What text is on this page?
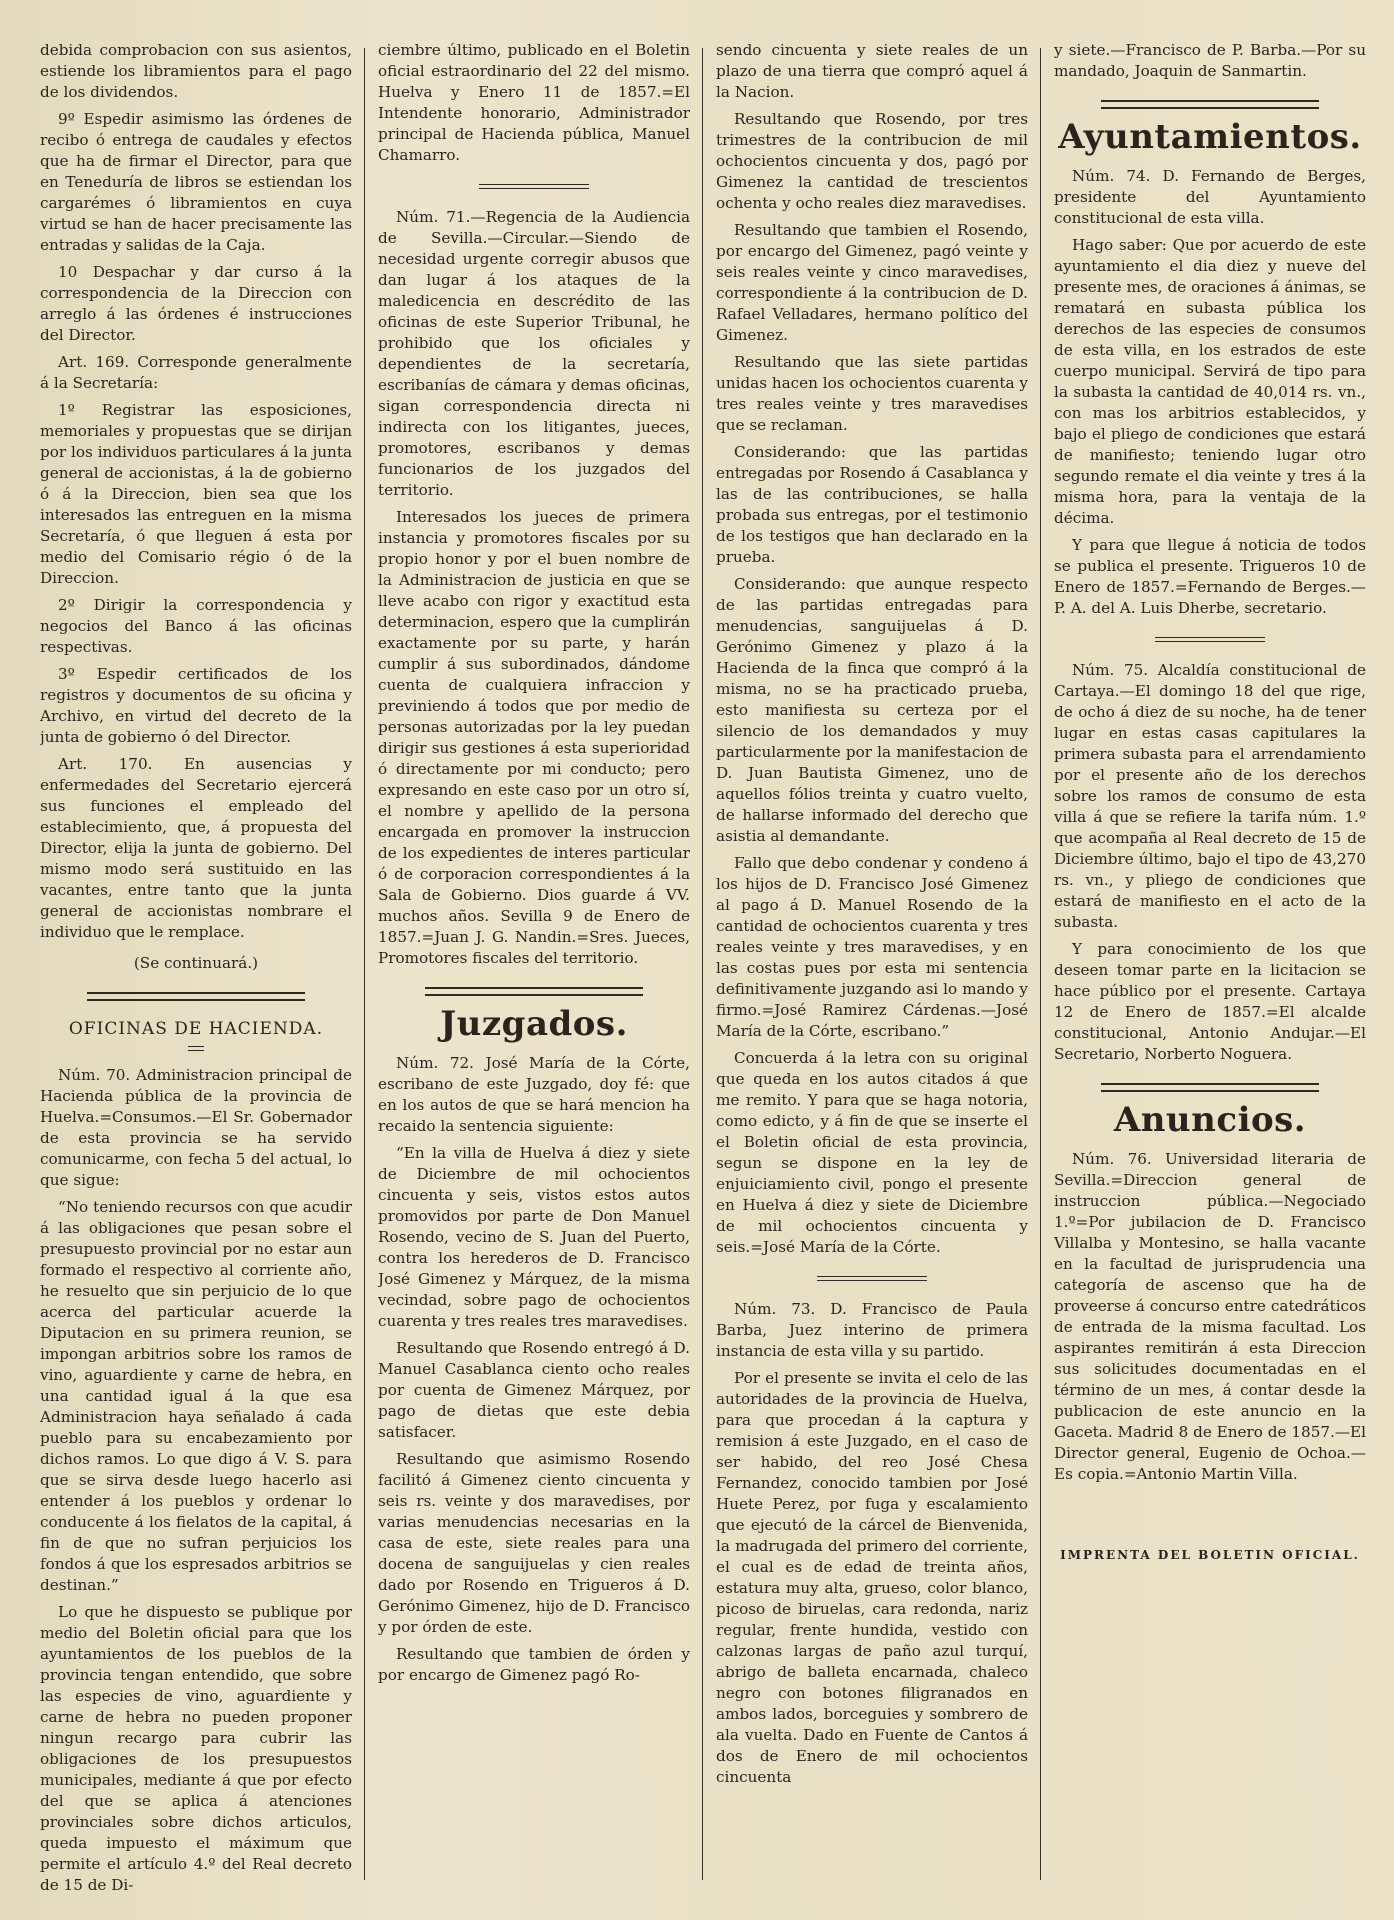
debida comprobacion con sus asientos, estiende los libramientos para el pago de los dividendos.

9º Espedir asimismo las órdenes de recibo ó entrega de caudales y efectos que ha de firmar el Director, para que en Teneduría de libros se estiendan los cargarémes ó libramientos en cuya virtud se han de hacer precisamente las entradas y salidas de la Caja.

10 Despachar y dar curso á la correspondencia de la Direccion con arreglo á las órdenes é instrucciones del Director.

Art. 169. Corresponde generalmente á la Secretaría:

1º Registrar las esposiciones, memoriales y propuestas que se dirijan por los individuos particulares á la junta general de accionistas, á la de gobierno ó á la Direccion, bien sea que los interesados las entreguen en la misma Secretaría, ó que lleguen á esta por medio del Comisario régio ó de la Direccion.

2º Dirigir la correspondencia y negocios del Banco á las oficinas respectivas.

3º Espedir certificados de los registros y documentos de su oficina y Archivo, en virtud del decreto de la junta de gobierno ó del Director.

Art. 170. En ausencias y enfermedades del Secretario ejercerá sus funciones el empleado del establecimiento, que, á propuesta del Director, elija la junta de gobierno. Del mismo modo será sustituido en las vacantes, entre tanto que la junta general de accionistas nombrare el individuo que le remplace.

(Se continuará.)

OFICINAS DE HACIENDA.

Núm. 70. Administracion principal de Hacienda pública de la provincia de Huelva.=Consumos.—El Sr. Gobernador de esta provincia se ha servido comunicarme, con fecha 5 del actual, lo que sigue:

“No teniendo recursos con que acudir á las obligaciones que pesan sobre el presupuesto provincial por no estar aun formado el respectivo al corriente año, he resuelto que sin perjuicio de lo que acerca del particular acuerde la Diputacion en su primera reunion, se impongan arbitrios sobre los ramos de vino, aguardiente y carne de hebra, en una cantidad igual á la que esa Administracion haya señalado á cada pueblo para su encabezamiento por dichos ramos. Lo que digo á V. S. para que se sirva desde luego hacerlo asi entender á los pueblos y ordenar lo conducente á los fielatos de la capital, á fin de que no sufran perjuicios los fondos á que los espresados arbitrios se destinan.”

Lo que he dispuesto se publique por medio del Boletin oficial para que los ayuntamientos de los pueblos de la provincia tengan entendido, que sobre las especies de vino, aguardiente y carne de hebra no pueden proponer ningun recargo para cubrir las obligaciones de los presupuestos municipales, mediante á que por efecto del que se aplica á atenciones provinciales sobre dichos articulos, queda impuesto el máximum que permite el artículo 4.º del Real decreto de 15 de Di-

ciembre último, publicado en el Boletin oficial estraordinario del 22 del mismo. Huelva y Enero 11 de 1857.=El Intendente honorario, Administrador principal de Hacienda pública, Manuel Chamarro.

Núm. 71.—Regencia de la Audiencia de Sevilla.—Circular.—Siendo de necesidad urgente corregir abusos que dan lugar á los ataques de la maledicencia en descrédito de las oficinas de este Superior Tribunal, he prohibido que los oficiales y dependientes de la secretaría, escribanías de cámara y demas oficinas, sigan correspondencia directa ni indirecta con los litigantes, jueces, promotores, escribanos y demas funcionarios de los juzgados del territorio.

Interesados los jueces de primera instancia y promotores fiscales por su propio honor y por el buen nombre de la Administracion de justicia en que se lleve acabo con rigor y exactitud esta determinacion, espero que la cumplirán exactamente por su parte, y harán cumplir á sus subordinados, dándome cuenta de cualquiera infraccion y previniendo á todos que por medio de personas autorizadas por la ley puedan dirigir sus gestiones á esta superioridad ó directamente por mi conducto; pero expresando en este caso por un otro sí, el nombre y apellido de la persona encargada en promover la instruccion de los expedientes de interes particular ó de corporacion correspondientes á la Sala de Gobierno. Dios guarde á VV. muchos años. Sevilla 9 de Enero de 1857.=Juan J. G. Nandin.=Sres. Jueces, Promotores fiscales del territorio.

Juzgados.

Núm. 72. José María de la Córte, escribano de este Juzgado, doy fé: que en los autos de que se hará mencion ha recaido la sentencia siguiente:

“En la villa de Huelva á diez y siete de Diciembre de mil ochocientos cincuenta y seis, vistos estos autos promovidos por parte de Don Manuel Rosendo, vecino de S. Juan del Puerto, contra los herederos de D. Francisco José Gimenez y Márquez, de la misma vecindad, sobre pago de ochocientos cuarenta y tres reales tres maravedises.

Resultando que Rosendo entregó á D. Manuel Casablanca ciento ocho reales por cuenta de Gimenez Márquez, por pago de dietas que este debia satisfacer.

Resultando que asimismo Rosendo facilitó á Gimenez ciento cincuenta y seis rs. veinte y dos maravedises, por varias menudencias necesarias en la casa de este, siete reales para una docena de sanguijuelas y cien reales dado por Rosendo en Trigueros á D. Gerónimo Gimenez, hijo de D. Francisco y por órden de este.

Resultando que tambien de órden y por encargo de Gimenez pagó Ro-

sendo cincuenta y siete reales de un plazo de una tierra que compró aquel á la Nacion.

Resultando que Rosendo, por tres trimestres de la contribucion de mil ochocientos cincuenta y dos, pagó por Gimenez la cantidad de trescientos ochenta y ocho reales diez maravedises.

Resultando que tambien el Rosendo, por encargo del Gimenez, pagó veinte y seis reales veinte y cinco maravedises, correspondiente á la contribucion de D. Rafael Velladares, hermano político del Gimenez.

Resultando que las siete partidas unidas hacen los ochocientos cuarenta y tres reales veinte y tres maravedises que se reclaman.

Considerando: que las partidas entregadas por Rosendo á Casablanca y las de las contribuciones, se halla probada sus entregas, por el testimonio de los testigos que han declarado en la prueba.

Considerando: que aunque respecto de las partidas entregadas para menudencias, sanguijuelas á D. Gerónimo Gimenez y plazo á la Hacienda de la finca que compró á la misma, no se ha practicado prueba, esto manifiesta su certeza por el silencio de los demandados y muy particularmente por la manifestacion de D. Juan Bautista Gimenez, uno de aquellos fólios treinta y cuatro vuelto, de hallarse informado del derecho que asistia al demandante.

Fallo que debo condenar y condeno á los hijos de D. Francisco José Gimenez al pago á D. Manuel Rosendo de la cantidad de ochocientos cuarenta y tres reales veinte y tres maravedises, y en las costas pues por esta mi sentencia definitivamente juzgando asi lo mando y firmo.=José Ramirez Cárdenas.—José María de la Córte, escribano.”

Concuerda á la letra con su original que queda en los autos citados á que me remito. Y para que se haga notoria, como edicto, y á fin de que se inserte el el Boletin oficial de esta provincia, segun se dispone en la ley de enjuiciamiento civil, pongo el presente en Huelva á diez y siete de Diciembre de mil ochocientos cincuenta y seis.=José María de la Córte.

Núm. 73. D. Francisco de Paula Barba, Juez interino de primera instancia de esta villa y su partido.

Por el presente se invita el celo de las autoridades de la provincia de Huelva, para que procedan á la captura y remision á este Juzgado, en el caso de ser habido, del reo José Chesa Fernandez, conocido tambien por José Huete Perez, por fuga y escalamiento que ejecutó de la cárcel de Bienvenida, la madrugada del primero del corriente, el cual es de edad de treinta años, estatura muy alta, grueso, color blanco, picoso de biruelas, cara redonda, nariz regular, frente hundida, vestido con calzonas largas de paño azul turquí, abrigo de balleta encarnada, chaleco negro con botones filigranados en ambos lados, borceguies y sombrero de ala vuelta. Dado en Fuente de Cantos á dos de Enero de mil ochocientos cincuenta

y siete.—Francisco de P. Barba.—Por su mandado, Joaquin de Sanmartin.

Ayuntamientos.

Núm. 74. D. Fernando de Berges, presidente del Ayuntamiento constitucional de esta villa.

Hago saber: Que por acuerdo de este ayuntamiento el dia diez y nueve del presente mes, de oraciones á ánimas, se rematará en subasta pública los derechos de las especies de consumos de esta villa, en los estrados de este cuerpo municipal. Servirá de tipo para la subasta la cantidad de 40,014 rs. vn., con mas los arbitrios establecidos, y bajo el pliego de condiciones que estará de manifiesto; teniendo lugar otro segundo remate el dia veinte y tres á la misma hora, para la ventaja de la décima.

Y para que llegue á noticia de todos se publica el presente. Trigueros 10 de Enero de 1857.=Fernando de Berges.—P. A. del A. Luis Dherbe, secretario.

Núm. 75. Alcaldía constitucional de Cartaya.—El domingo 18 del que rige, de ocho á diez de su noche, ha de tener lugar en estas casas capitulares la primera subasta para el arrendamiento por el presente año de los derechos sobre los ramos de consumo de esta villa á que se refiere la tarifa núm. 1.º que acompaña al Real decreto de 15 de Diciembre último, bajo el tipo de 43,270 rs. vn., y pliego de condiciones que estará de manifiesto en el acto de la subasta.

Y para conocimiento de los que deseen tomar parte en la licitacion se hace público por el presente. Cartaya 12 de Enero de 1857.=El alcalde constitucional, Antonio Andujar.—El Secretario, Norberto Noguera.

Anuncios.

Núm. 76. Universidad literaria de Sevilla.=Direccion general de instruccion pública.—Negociado 1.º=Por jubilacion de D. Francisco Villalba y Montesino, se halla vacante en la facultad de jurisprudencia una categoría de ascenso que ha de proveerse á concurso entre catedráticos de entrada de la misma facultad. Los aspirantes remitirán á esta Direccion sus solicitudes documentadas en el término de un mes, á contar desde la publicacion de este anuncio en la Gaceta. Madrid 8 de Enero de 1857.—El Director general, Eugenio de Ochoa.—Es copia.=Antonio Martin Villa.

IMPRENTA DEL BOLETIN OFICIAL.
